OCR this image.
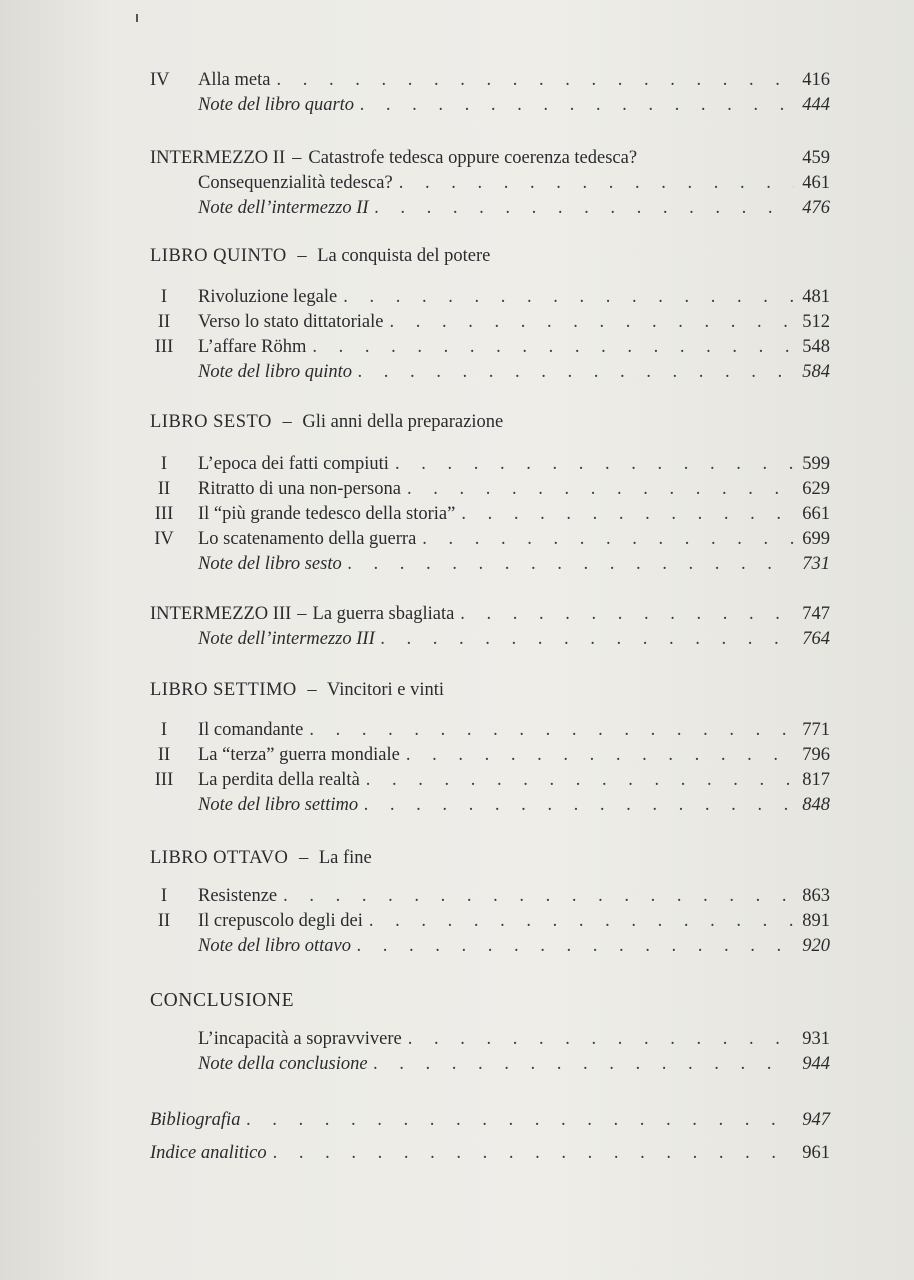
IV	Alla meta . . .	416
Note del libro quarto . . .	444
INTERMEZZO II – Catastrofe tedesca oppure coerenza tedesca?	459
Consequenzialità tedesca? . . .	461
Note dell’intermezzo II . . .	476
LIBRO QUINTO – La conquista del potere
I	Rivoluzione legale . . .	481
II	Verso lo stato dittatoriale . . .	512
III	L’affare Röhm . . .	548
Note del libro quinto . . .	584
LIBRO SESTO – Gli anni della preparazione
I	L’epoca dei fatti compiuti . . .	599
II	Ritratto di una non-persona . . .	629
III	Il “più grande tedesco della storia” . . .	661
IV	Lo scatenamento della guerra . . .	699
Note del libro sesto . . .	731
INTERMEZZO III – La guerra sbagliata . . .	747
Note dell’intermezzo III . . .	764
LIBRO SETTIMO – Vincitori e vinti
I	Il comandante . . .	771
II	La “terza” guerra mondiale . . .	796
III	La perdita della realtà . . .	817
Note del libro settimo . . .	848
LIBRO OTTAVO – La fine
I	Resistenze . . .	863
II	Il crepuscolo degli dei . . .	891
Note del libro ottavo . . .	920
CONCLUSIONE
L’incapacità a sopravvivere . . .	931
Note della conclusione . . .	944
Bibliografia . . .	947
Indice analitico . . .	961
